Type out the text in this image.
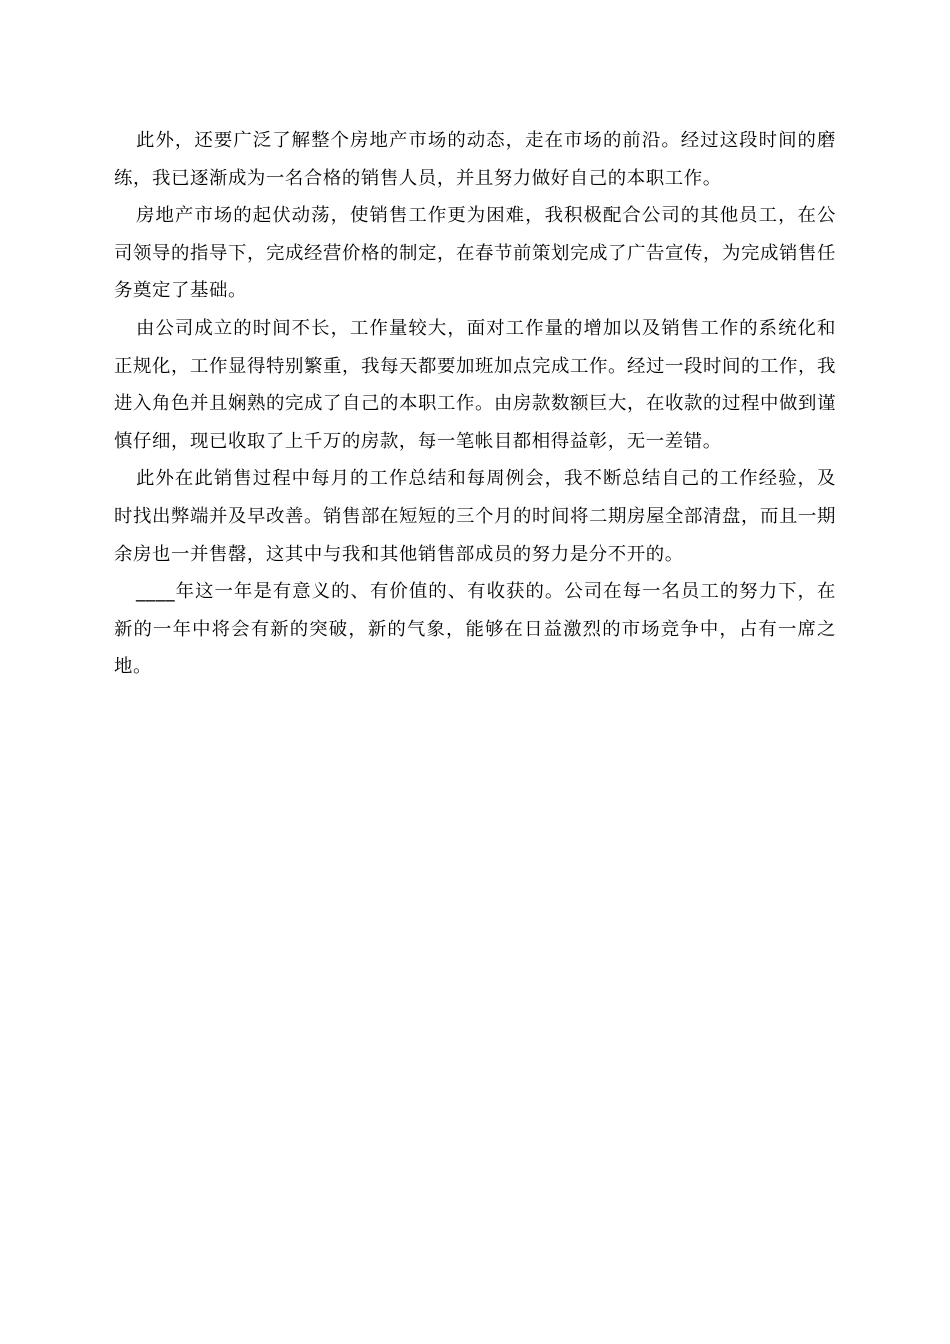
此外，还要广泛了解整个房地产市场的动态，走在市场的前沿。经过这段时间的磨练，我已逐渐成为一名合格的销售人员，并且努力做好自己的本职工作。

房地产市场的起伏动荡，使销售工作更为困难，我积极配合公司的其他员工，在公司领导的指导下，完成经营价格的制定，在春节前策划完成了广告宣传，为完成销售任务奠定了基础。

由公司成立的时间不长，工作量较大，面对工作量的增加以及销售工作的系统化和正规化，工作显得特别繁重，我每天都要加班加点完成工作。经过一段时间的工作，我进入角色并且娴熟的完成了自己的本职工作。由房款数额巨大，在收款的过程中做到谨慎仔细，现已收取了上千万的房款，每一笔帐目都相得益彰，无一差错。

此外在此销售过程中每月的工作总结和每周例会，我不断总结自己的工作经验，及时找出弊端并及早改善。销售部在短短的三个月的时间将二期房屋全部清盘，而且一期余房也一并售罄，这其中与我和其他销售部成员的努力是分不开的。

____年这一年是有意义的、有价值的、有收获的。公司在每一名员工的努力下，在新的一年中将会有新的突破，新的气象，能够在日益激烈的市场竞争中，占有一席之地。
